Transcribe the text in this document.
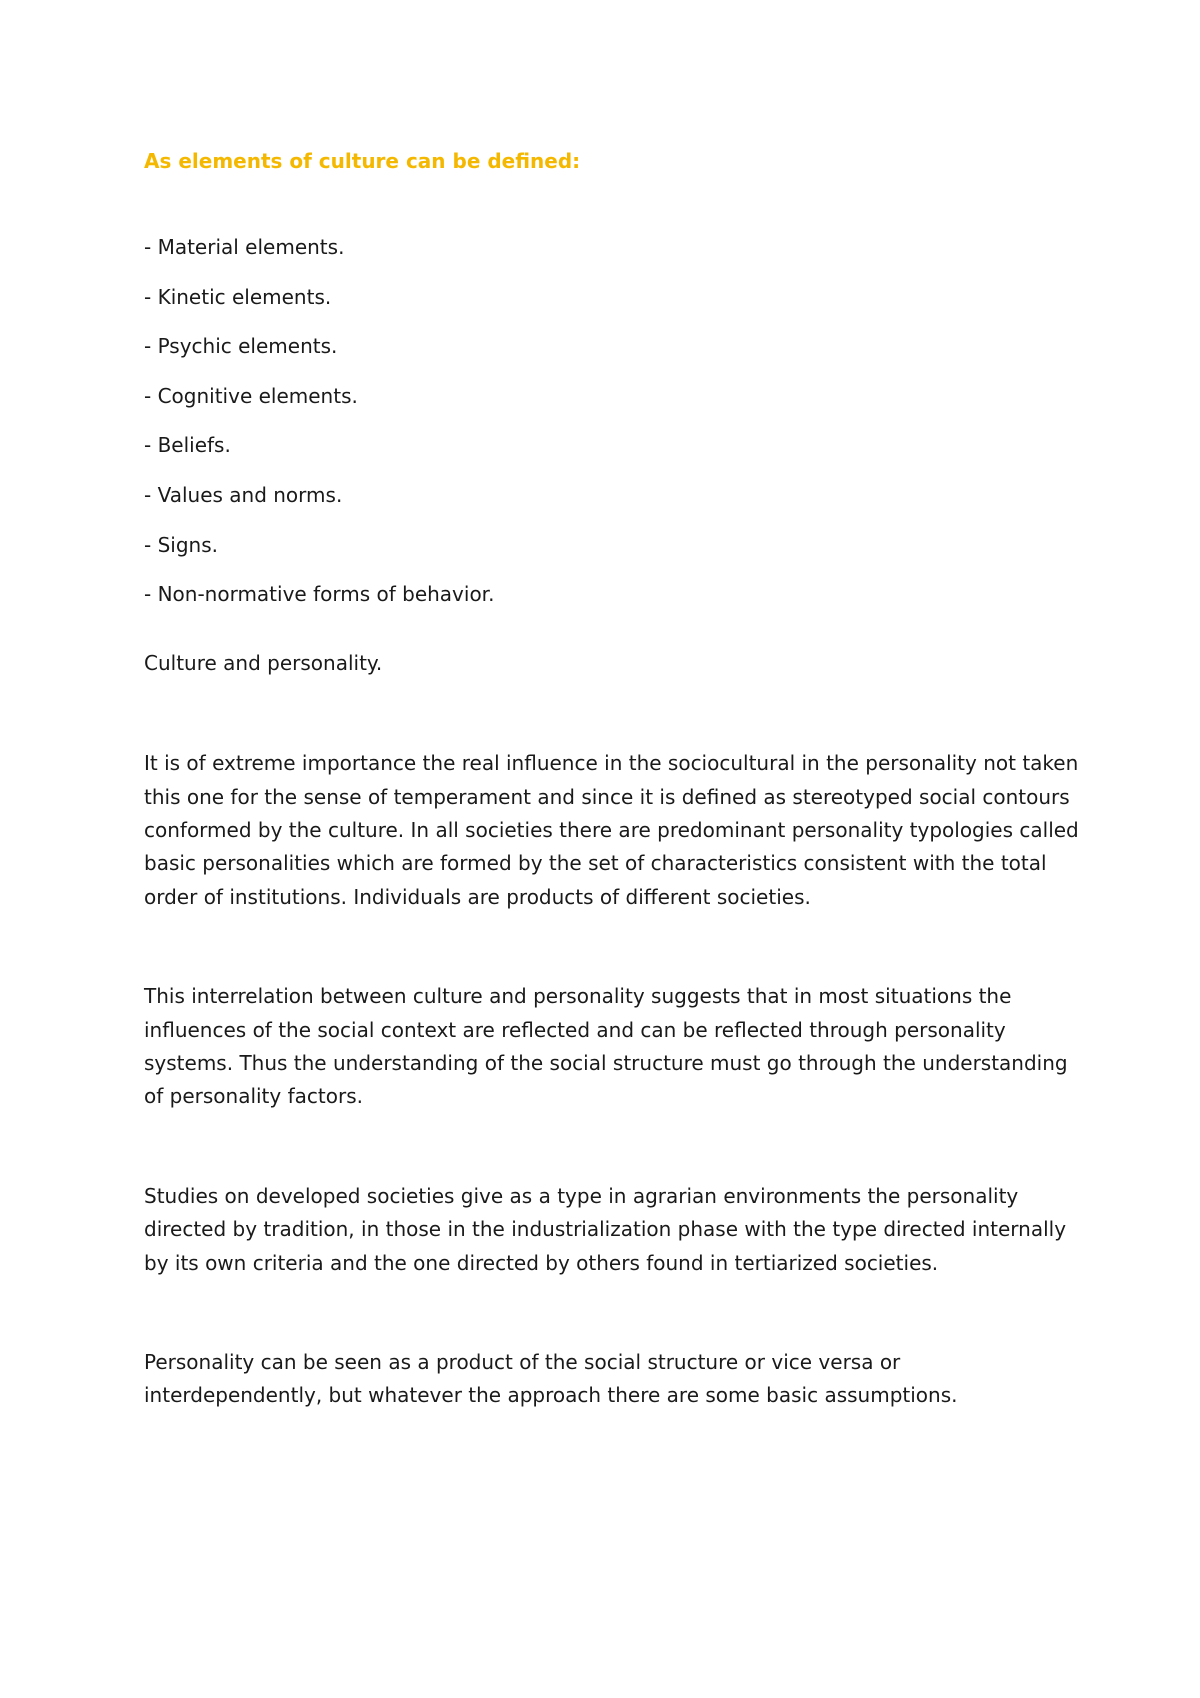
As elements of culture can be defined:
- Material elements.
- Kinetic elements.
- Psychic elements.
- Cognitive elements.
- Beliefs.
- Values and norms.
- Signs.
- Non-normative forms of behavior.

Culture and personality.

It is of extreme importance the real influence in the sociocultural in the personality not taken this one for the sense of temperament and since it is defined as stereotyped social contours conformed by the culture. In all societies there are predominant personality typologies called basic personalities which are formed by the set of characteristics consistent with the total order of institutions. Individuals are products of different societies.

This interrelation between culture and personality suggests that in most situations the influences of the social context are reflected and can be reflected through personality systems. Thus the understanding of the social structure must go through the understanding of personality factors.

Studies on developed societies give as a type in agrarian environments the personality directed by tradition, in those in the industrialization phase with the type directed internally by its own criteria and the one directed by others found in tertiarized societies.

Personality can be seen as a product of the social structure or vice versa or interdependently, but whatever the approach there are some basic assumptions.
